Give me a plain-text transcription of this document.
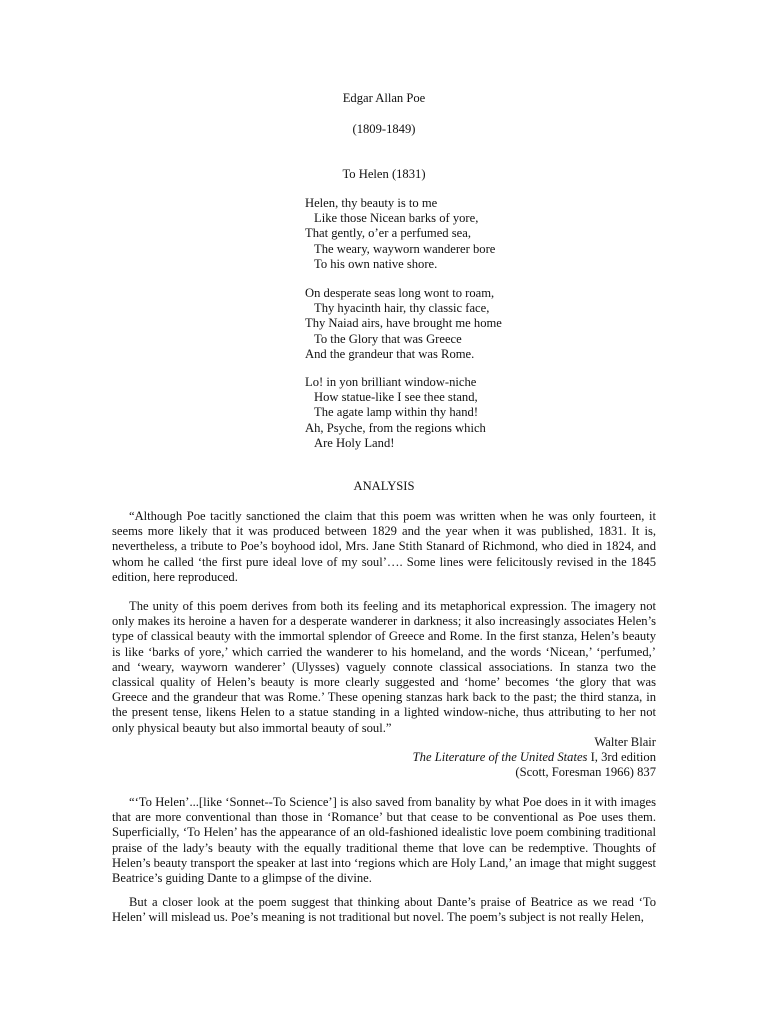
Edgar Allan Poe
(1809-1849)
To Helen (1831)
Helen, thy beauty is to me
Like those Nicean barks of yore,
That gently, o’er a perfumed sea,
The weary, wayworn wanderer bore
To his own native shore.
On desperate seas long wont to roam,
Thy hyacinth hair, thy classic face,
Thy Naiad airs, have brought me home
To the Glory that was Greece
And the grandeur that was Rome.
Lo! in yon brilliant window-niche
How statue-like I see thee stand,
The agate lamp within thy hand!
Ah, Psyche, from the regions which
Are Holy Land!
ANALYSIS
“Although Poe tacitly sanctioned the claim that this poem was written when he was only fourteen, it seems more likely that it was produced between 1829 and the year when it was published, 1831. It is, nevertheless, a tribute to Poe’s boyhood idol, Mrs. Jane Stith Stanard of Richmond, who died in 1824, and whom he called ‘the first pure ideal love of my soul’…. Some lines were felicitously revised in the 1845 edition, here reproduced.
The unity of this poem derives from both its feeling and its metaphorical expression. The imagery not only makes its heroine a haven for a desperate wanderer in darkness; it also increasingly associates Helen’s type of classical beauty with the immortal splendor of Greece and Rome. In the first stanza, Helen’s beauty is like ‘barks of yore,’ which carried the wanderer to his homeland, and the words ‘Nicean,’ ‘perfumed,’ and ‘weary, wayworn wanderer’ (Ulysses) vaguely connote classical associations. In stanza two the classical quality of Helen’s beauty is more clearly suggested and ‘home’ becomes ‘the glory that was Greece and the grandeur that was Rome.’ These opening stanzas hark back to the past; the third stanza, in the present tense, likens Helen to a statue standing in a lighted window-niche, thus attributing to her not only physical beauty but also immortal beauty of soul.”
Walter Blair
The Literature of the United States I, 3rd edition
(Scott, Foresman 1966) 837
“‘To Helen’...[like ‘Sonnet--To Science’] is also saved from banality by what Poe does in it with images that are more conventional than those in ‘Romance’ but that cease to be conventional as Poe uses them. Superficially, ‘To Helen’ has the appearance of an old-fashioned idealistic love poem combining traditional praise of the lady’s beauty with the equally traditional theme that love can be redemptive. Thoughts of Helen’s beauty transport the speaker at last into ‘regions which are Holy Land,’ an image that might suggest Beatrice’s guiding Dante to a glimpse of the divine.
But a closer look at the poem suggest that thinking about Dante’s praise of Beatrice as we read ‘To Helen’ will mislead us. Poe’s meaning is not traditional but novel. The poem’s subject is not really Helen,
